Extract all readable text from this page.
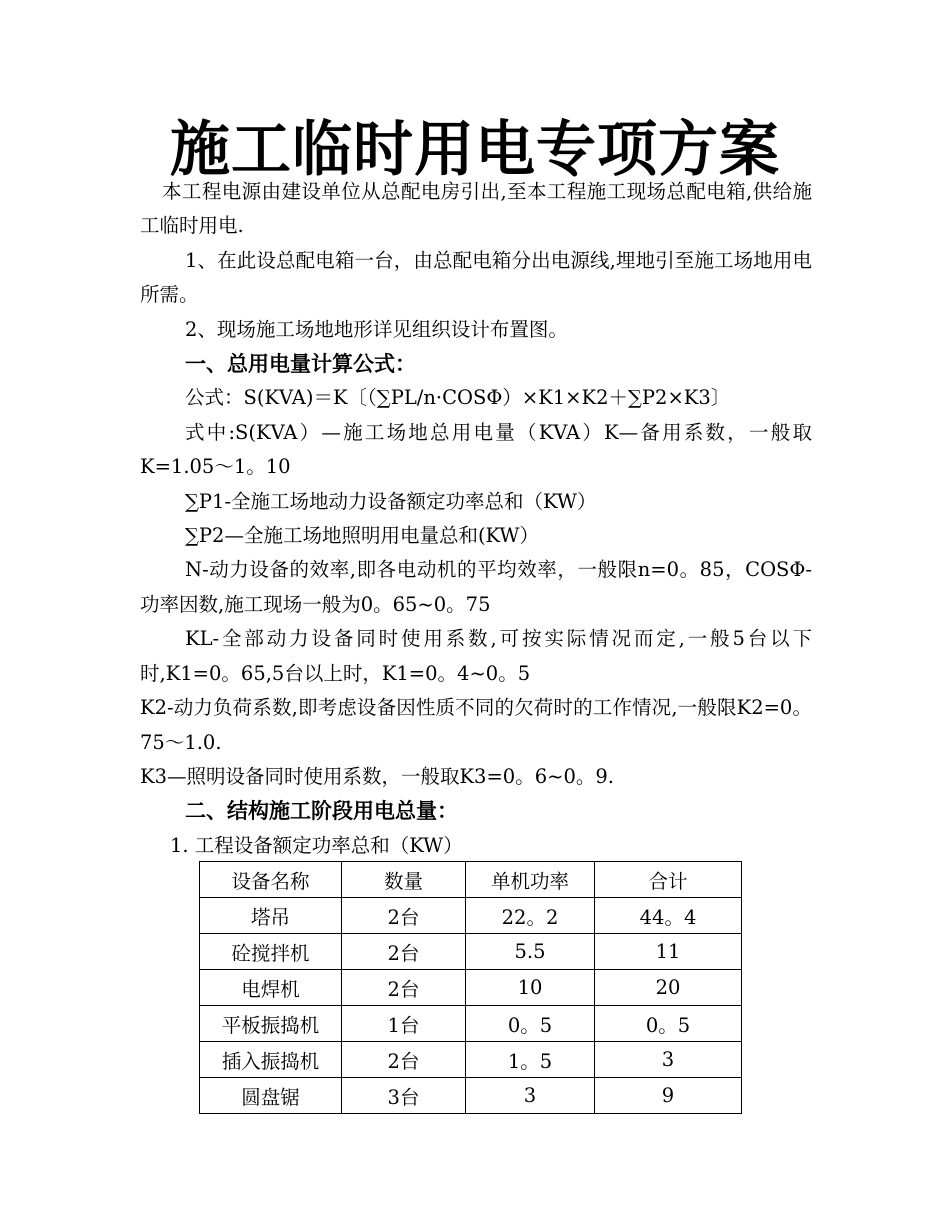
施工临时用电专项方案

本工程电源由建设单位从总配电房引出,至本工程施工现场总配电箱,供给施工临时用电.

1、在此设总配电箱一台，由总配电箱分出电源线,埋地引至施工场地用电所需。

2、现场施工场地地形详见组织设计布置图。

一、总用电量计算公式：

公式：S(KVA)＝K〔（∑PL/n·COSΦ）×K1×K2＋∑P2×K3〕

式中:S(KVA）—施工场地总用电量（KVA）K—备用系数，一般取K=1.05～1。10

∑P1-全施工场地动力设备额定功率总和（KW）

∑P2—全施工场地照明用电量总和(KW）

N-动力设备的效率,即各电动机的平均效率，一般限n=0。85，COSΦ-功率因数,施工现场一般为0。65~0。75

KL-全部动力设备同时使用系数,可按实际情况而定,一般5台以下时,K1=0。65,5台以上时，K1=0。4~0。5

K2-动力负荷系数,即考虑设备因性质不同的欠荷时的工作情况,一般限K2=0。75～1.0.

K3—照明设备同时使用系数，一般取K3=0。6~0。9.

二、结构施工阶段用电总量：

1. 工程设备额定功率总和（KW）

设备名称	数量	单机功率	合计
塔吊	2台	22。2	44。4
砼搅拌机	2台	5.5	11
电焊机	2台	10	20
平板振捣机	1台	0。5	0。5
插入振捣机	2台	1。5	3
圆盘锯	3台	3	9
